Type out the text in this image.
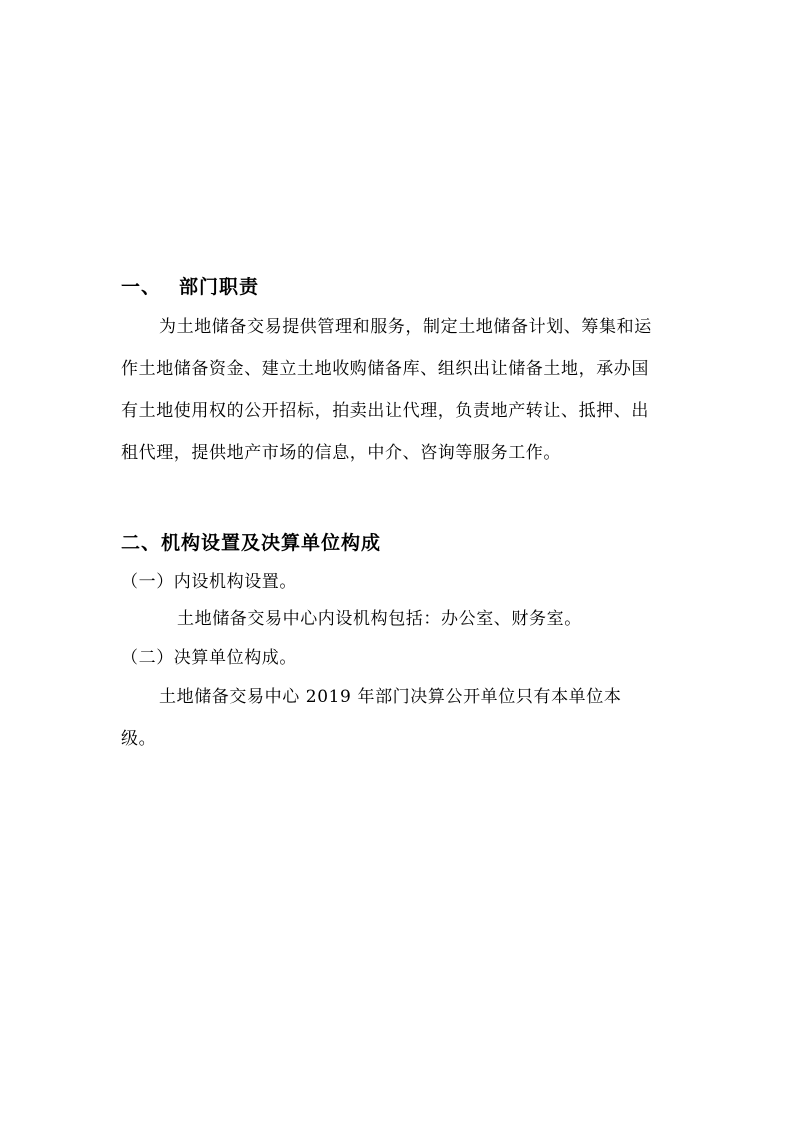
一、 部门职责
为土地储备交易提供管理和服务，制定土地储备计划、筹集和运
作土地储备资金、建立土地收购储备库、组织出让储备土地，承办国
有土地使用权的公开招标，拍卖出让代理，负责地产转让、抵押、出
租代理，提供地产市场的信息，中介、咨询等服务工作。
二、机构设置及决算单位构成
（一）内设机构设置。
土地储备交易中心内设机构包括：办公室、财务室。
（二）决算单位构成。
土地储备交易中心 2019 年部门决算公开单位只有本单位本
级。
